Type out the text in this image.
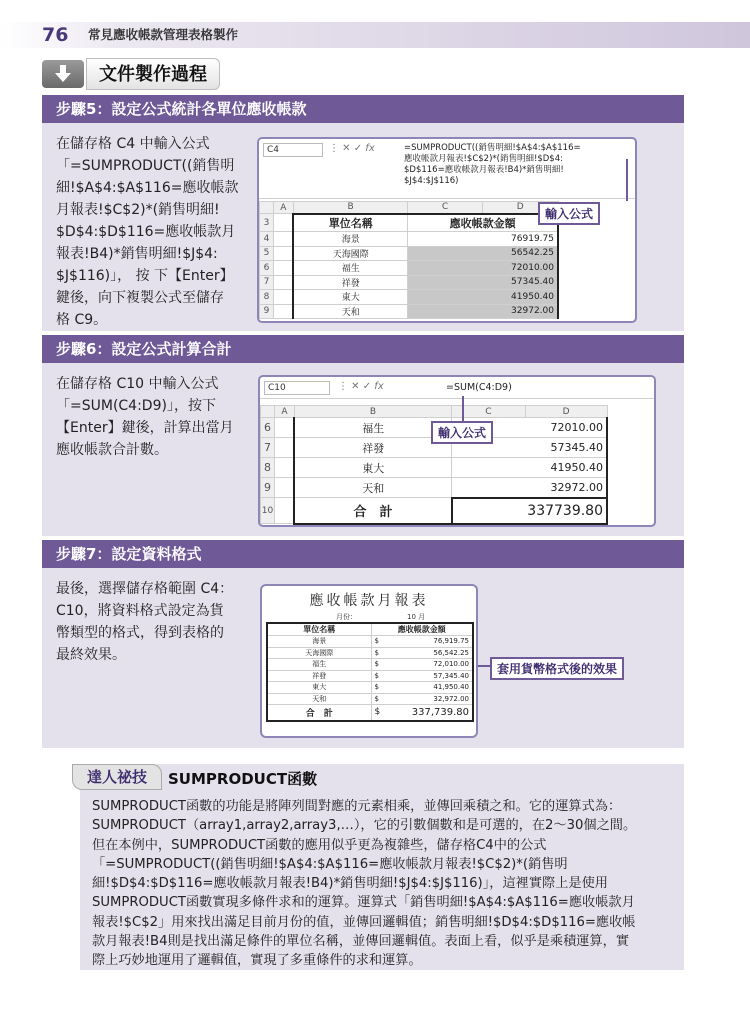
76 常見應收帳款管理表格製作
文件製作過程
步驟5：設定公式統計各單位應收帳款
在儲存格 C4 中輸入公式
「=SUMPRODUCT((銷售明
細!$A$4:$A$116=應收帳款
月報表!$C$2)*(銷售明細!
$D$4:$D$116=應收帳款月
報表!B4)*銷售明細!$J$4:
$J$116)」， 按 下【Enter】
鍵後，向下複製公式至儲存
格 C9。
C4	⋮ ✕ ✓ fx	=SUMPRODUCT((銷售明細!$A$4:$A$116=
應收帳款月報表!$C$2)*(銷售明細!$D$4:
$D$116=應收帳款月報表!B4)*銷售明細!
$J$4:$J$116)
	A	B	C	D
3		單位名稱	應收帳款金額	
4		海景	76919.75	
5		天海國際	56542.25	
6		福生	72010.00	
7		祥發	57345.40	
8		東大	41950.40	
9		天和	32972.00	
輸入公式
步驟6：設定公式計算合計
在儲存格 C10 中輸入公式
「=SUM(C4:D9)」，按下
【Enter】鍵後，計算出當月
應收帳款合計數。
C10	⋮ ✕ ✓ fx	=SUM(C4:D9)
	A	B	C	D
6		福生	72010.00	
7		祥發	57345.40	
8		東大	41950.40	
9		天和	32972.00	
10		合　計	337739.80	
輸入公式
步驟7：設定資料格式
最後，選擇儲存格範圍 C4：
C10，將資料格式設定為貨
幣類型的格式，得到表格的
最終效果。
應收帳款月報表
月份：	10 月
單位名稱	應收帳款金額	
海景	$	76,919.75
天海國際	$	56,542.25
福生	$	72,010.00
祥發	$	57,345.40
東大	$	41,950.40
天和	$	32,972.00
合　計	$	337,739.80
套用貨幣格式後的效果
達人祕技	SUMPRODUCT函數
SUMPRODUCT函數的功能是將陣列間對應的元素相乘，並傳回乘積之和。它的運算式為：
SUMPRODUCT（array1,array2,array3,…），它的引數個數和是可選的，在2～30個之間。
但在本例中，SUMPRODUCT函數的應用似乎更為複雜些，儲存格C4中的公式
「=SUMPRODUCT((銷售明細!$A$4:$A$116=應收帳款月報表!$C$2)*(銷售明
細!$D$4:$D$116=應收帳款月報表!B4)*銷售明細!$J$4:$J$116)」，這裡實際上是使用
SUMPRODUCT函數實現多條件求和的運算。運算式「銷售明細!$A$4:$A$116=應收帳款月
報表!$C$2」用來找出滿足目前月份的值，並傳回邏輯值；銷售明細!$D$4:$D$116=應收帳
款月報表!B4則是找出滿足條件的單位名稱，並傳回邏輯值。表面上看，似乎是乘積運算，實
際上巧妙地運用了邏輯值，實現了多重條件的求和運算。
